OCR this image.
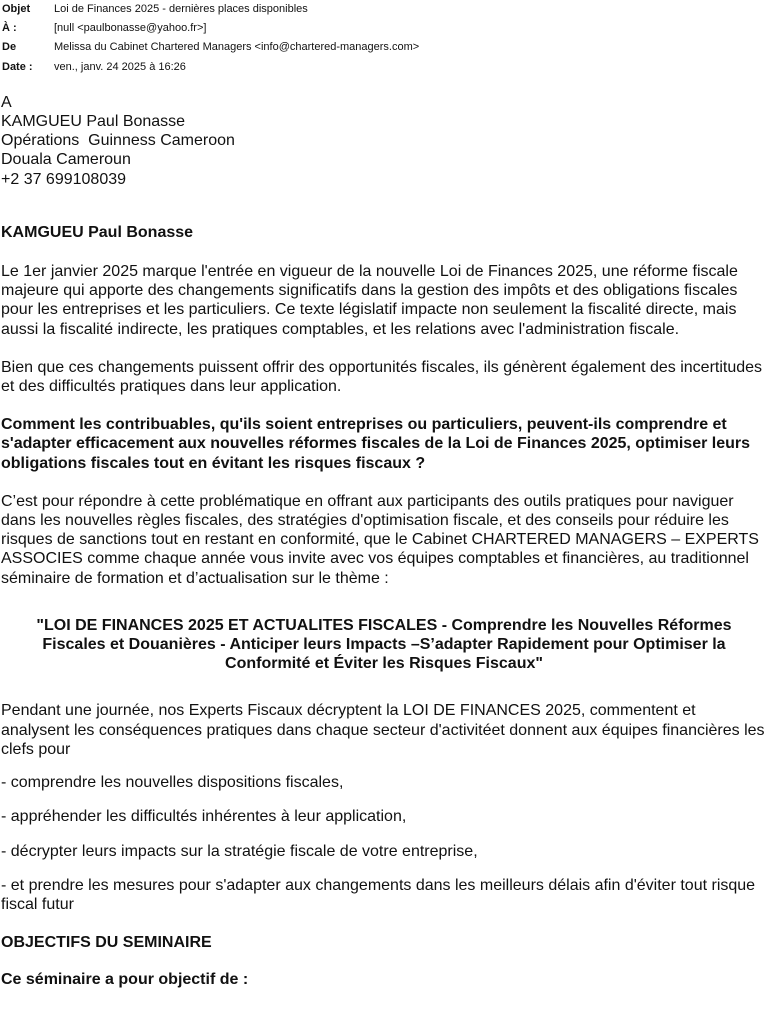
Objet	Loi de Finances 2025 - dernières places disponibles
À :	[null <paulbonasse@yahoo.fr>]
De	Melissa du Cabinet Chartered Managers <info@chartered-managers.com>
Date :	ven., janv. 24 2025 à 16:26
A
KAMGUEU Paul Bonasse
Opérations  Guinness Cameroon
Douala Cameroun
+2 37 699108039

KAMGUEU Paul Bonasse

Le 1er janvier 2025 marque l'entrée en vigueur de la nouvelle Loi de Finances 2025, une réforme fiscale majeure qui apporte des changements significatifs dans la gestion des impôts et des obligations fiscales pour les entreprises et les particuliers. Ce texte législatif impacte non seulement la fiscalité directe, mais aussi la fiscalité indirecte, les pratiques comptables, et les relations avec l'administration fiscale.

Bien que ces changements puissent offrir des opportunités fiscales, ils génèrent également des incertitudes et des difficultés pratiques dans leur application.

Comment les contribuables, qu'ils soient entreprises ou particuliers, peuvent-ils comprendre et s'adapter efficacement aux nouvelles réformes fiscales de la Loi de Finances 2025, optimiser leurs obligations fiscales tout en évitant les risques fiscaux ?

C’est pour répondre à cette problématique en offrant aux participants des outils pratiques pour naviguer dans les nouvelles règles fiscales, des stratégies d'optimisation fiscale, et des conseils pour réduire les risques de sanctions tout en restant en conformité, que le Cabinet CHARTERED MANAGERS – EXPERTS ASSOCIES comme chaque année vous invite avec vos équipes comptables et financières, au traditionnel séminaire de formation et d’actualisation sur le thème :

"LOI DE FINANCES 2025 ET ACTUALITES FISCALES - Comprendre les Nouvelles Réformes Fiscales et Douanières - Anticiper leurs Impacts –S’adapter Rapidement pour Optimiser la Conformité et Éviter les Risques Fiscaux"

Pendant une journée, nos Experts Fiscaux décryptent la LOI DE FINANCES 2025, commentent et analysent les conséquences pratiques dans chaque secteur d'activitéet donnent aux équipes financières les clefs pour

- comprendre les nouvelles dispositions fiscales,

- appréhender les difficultés inhérentes à leur application,

- décrypter leurs impacts sur la stratégie fiscale de votre entreprise,

- et prendre les mesures pour s'adapter aux changements dans les meilleurs délais afin d'éviter tout risque fiscal futur

OBJECTIFS DU SEMINAIRE

Ce séminaire a pour objectif de :
